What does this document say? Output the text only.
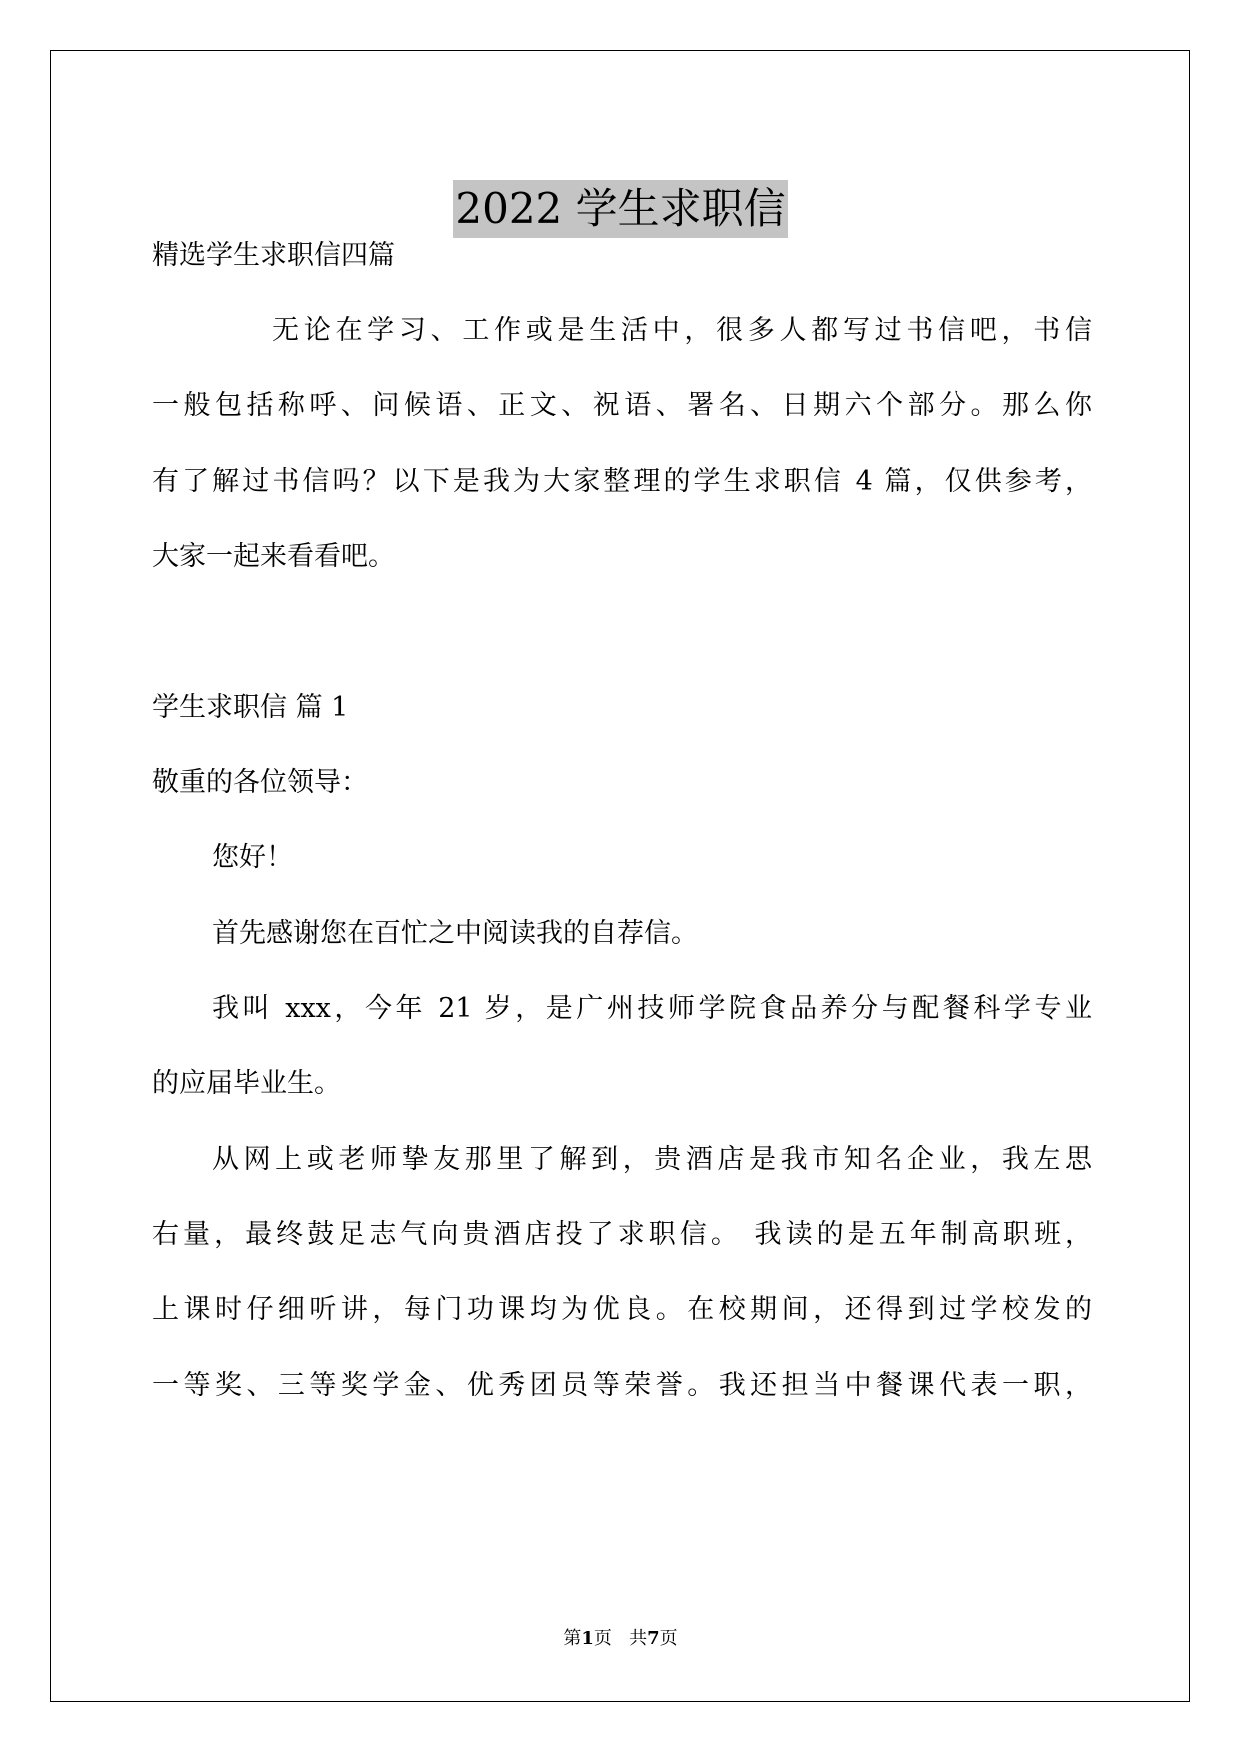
2022 学生求职信

精选学生求职信四篇

无论在学习、工作或是生活中，很多人都写过书信吧，书信

一般包括称呼、问候语、正文、祝语、署名、日期六个部分。那么你

有了解过书信吗？以下是我为大家整理的学生求职信 4 篇，仅供参考，

大家一起来看看吧。

学生求职信 篇 1

敬重的各位领导：

您好！

首先感谢您在百忙之中阅读我的自荐信。

我叫 xxx，今年 21 岁，是广州技师学院食品养分与配餐科学专业

的应届毕业生。

从网上或老师挚友那里了解到，贵酒店是我市知名企业，我左思

右量，最终鼓足志气向贵酒店投了求职信。 我读的是五年制高职班，

上课时仔细听讲，每门功课均为优良。在校期间，还得到过学校发的

一等奖、三等奖学金、优秀团员等荣誉。我还担当中餐课代表一职，

第1页 共7页
